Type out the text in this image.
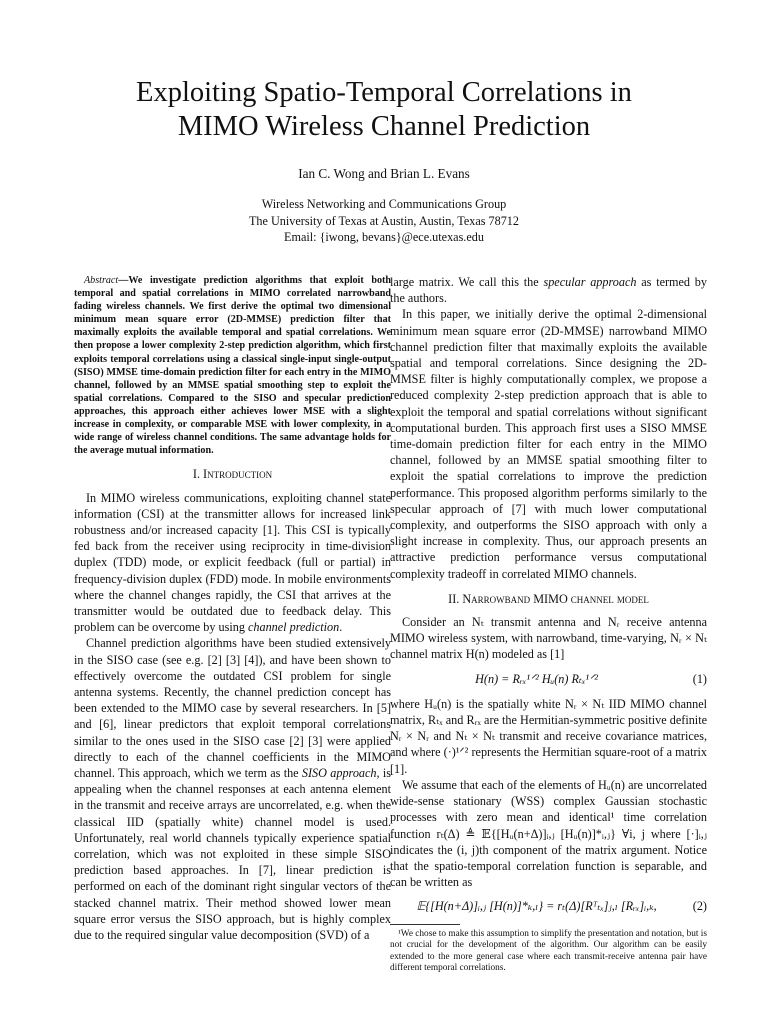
Exploiting Spatio-Temporal Correlations in
MIMO Wireless Channel Prediction
Ian C. Wong and Brian L. Evans
Wireless Networking and Communications Group
The University of Texas at Austin, Austin, Texas 78712
Email: {iwong, bevans}@ece.utexas.edu

Abstract—We investigate prediction algorithms that exploit both temporal and spatial correlations in MIMO correlated narrowband fading wireless channels. We first derive the optimal two dimensional minimum mean square error (2D-MMSE) prediction filter that maximally exploits the available temporal and spatial correlations. We then propose a lower complexity 2-step prediction algorithm, which first exploits temporal correlations using a classical single-input single-output (SISO) MMSE time-domain prediction filter for each entry in the MIMO channel, followed by an MMSE spatial smoothing step to exploit the spatial correlations. Compared to the SISO and specular prediction approaches, this approach either achieves lower MSE with a slight increase in complexity, or comparable MSE with lower complexity, in a wide range of wireless channel conditions. The same advantage holds for the average mutual information.

I. Introduction

In MIMO wireless communications, exploiting channel state information (CSI) at the transmitter allows for increased link robustness and/or increased capacity [1]. This CSI is typically fed back from the receiver using reciprocity in time-division duplex (TDD) mode, or explicit feedback (full or partial) in frequency-division duplex (FDD) mode. In mobile environments where the channel changes rapidly, the CSI that arrives at the transmitter would be outdated due to feedback delay. This problem can be overcome by using channel prediction.

Channel prediction algorithms have been studied extensively in the SISO case (see e.g. [2] [3] [4]), and have been shown to effectively overcome the outdated CSI problem for single antenna systems. Recently, the channel prediction concept has been extended to the MIMO case by several researchers. In [5] and [6], linear predictors that exploit temporal correlations similar to the ones used in the SISO case [2] [3] were applied directly to each of the channel coefficients in the MIMO channel. This approach, which we term as the SISO approach, is appealing when the channel responses at each antenna element in the transmit and receive arrays are uncorrelated, e.g. when the classical IID (spatially white) channel model is used. Unfortunately, real world channels typically experience spatial correlation, which was not exploited in these simple SISO prediction based approaches. In [7], linear prediction is performed on each of the dominant right singular vectors of the stacked channel matrix. Their method showed lower mean square error versus the SISO approach, but is highly complex due to the required singular value decomposition (SVD) of a

large matrix. We call this the specular approach as termed by the authors.

In this paper, we initially derive the optimal 2-dimensional minimum mean square error (2D-MMSE) narrowband MIMO channel prediction filter that maximally exploits the available spatial and temporal correlations. Since designing the 2D-MMSE filter is highly computationally complex, we propose a reduced complexity 2-step prediction approach that is able to exploit the temporal and spatial correlations without significant computational burden. This approach first uses a SISO MMSE time-domain prediction filter for each entry in the MIMO channel, followed by an MMSE spatial smoothing filter to exploit the spatial correlations to improve the prediction performance. This proposed algorithm performs similarly to the specular approach of [7] with much lower computational complexity, and outperforms the SISO approach with only a slight increase in complexity. Thus, our approach presents an attractive prediction performance versus computational complexity tradeoff in correlated MIMO channels.

II. Narrowband MIMO channel model

Consider an Nₜ transmit antenna and Nᵣ receive antenna MIMO wireless system, with narrowband, time-varying, Nᵣ × Nₜ channel matrix H(n) modeled as [1]

H(n) = Rᵣₓ¹ᐟ² Hᵤ(n) Rₜₓ¹ᐟ²	(1)

where Hᵤ(n) is the spatially white Nᵣ × Nₜ IID MIMO channel matrix, Rₜₓ and Rᵣₓ are the Hermitian-symmetric positive definite Nᵣ × Nᵣ and Nₜ × Nₜ transmit and receive covariance matrices, and where (·)¹ᐟ² represents the Hermitian square-root of a matrix [1].

We assume that each of the elements of Hᵤ(n) are uncorrelated wide-sense stationary (WSS) complex Gaussian stochastic processes with zero mean and identical¹ time correlation function rₜ(Δ) ≜ 𝔼{[Hᵤ(n+Δ)]ᵢ,ⱼ [Hᵤ(n)]*ᵢ,ⱼ} ∀i, j where [·]ᵢ,ⱼ indicates the (i, j)th component of the matrix argument. Notice that the spatio-temporal correlation function is separable, and can be written as

𝔼{[H(n+Δ)]ᵢ,ⱼ [H(n)]*ₖ,ₗ} = rₜ(Δ)[Rᵀₜₓ]ⱼ,ₗ [Rᵣₓ]ᵢ,ₖ,	(2)

¹We chose to make this assumption to simplify the presentation and notation, but is not crucial for the development of the algorithm. Our algorithm can be easily extended to the more general case where each transmit-receive antenna pair have different temporal correlations.
